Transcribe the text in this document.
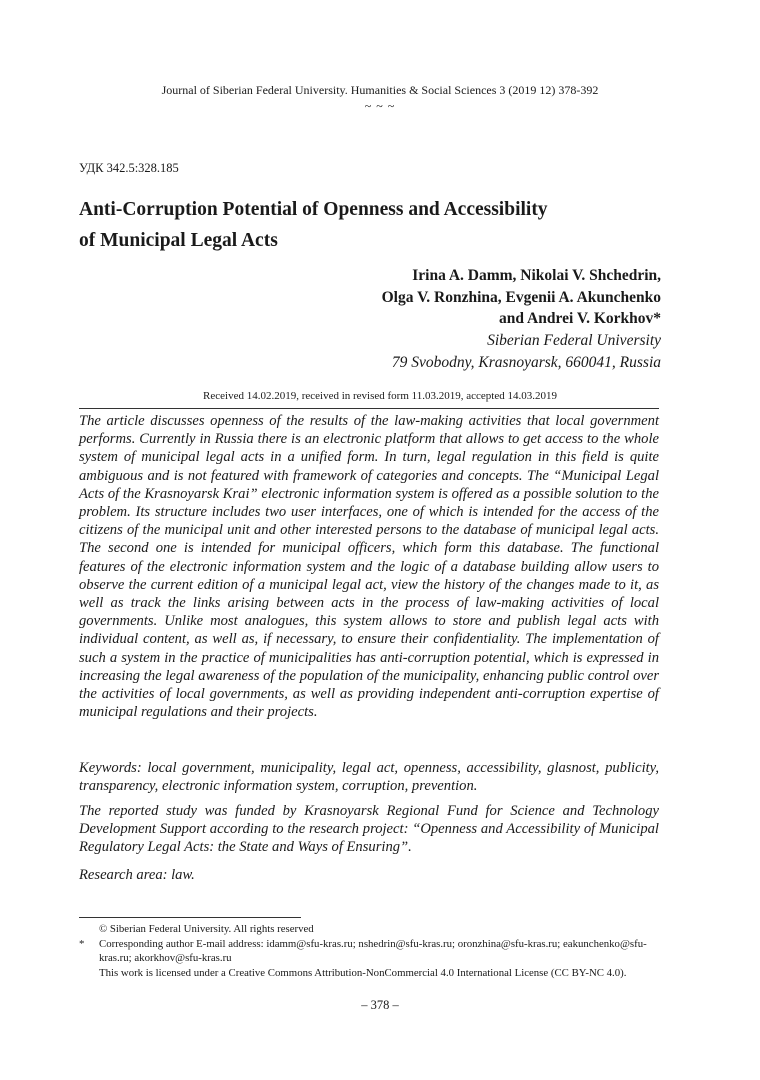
Journal of Siberian Federal University. Humanities & Social Sciences 3 (2019 12) 378-392
~ ~ ~
УДК 342.5:328.185
Anti-Corruption Potential of Openness and Accessibility
of Municipal Legal Acts
Irina A. Damm, Nikolai V. Shchedrin,
Olga V. Ronzhina, Evgenii A. Akunchenko
and Andrei V. Korkhov*
Siberian Federal University
79 Svobodny, Krasnoyarsk, 660041, Russia
Received 14.02.2019, received in revised form 11.03.2019, accepted 14.03.2019

The article discusses openness of the results of the law-making activities that local government performs. Currently in Russia there is an electronic platform that allows to get access to the whole system of municipal legal acts in a unified form. In turn, legal regulation in this field is quite ambiguous and is not featured with framework of categories and concepts. The “Municipal Legal Acts of the Krasnoyarsk Krai” electronic information system is offered as a possible solution to the problem. Its structure includes two user interfaces, one of which is intended for the access of the citizens of the municipal unit and other interested persons to the database of municipal legal acts. The second one is intended for municipal officers, which form this database. The functional features of the electronic information system and the logic of a database building allow users to observe the current edition of a municipal legal act, view the history of the changes made to it, as well as track the links arising between acts in the process of law-making activities of local governments. Unlike most analogues, this system allows to store and publish legal acts with individual content, as well as, if necessary, to ensure their confidentiality. The implementation of such a system in the practice of municipalities has anti-corruption potential, which is expressed in increasing the legal awareness of the population of the municipality, enhancing public control over the activities of local governments, as well as providing independent anti-corruption expertise of municipal regulations and their projects.

Keywords: local government, municipality, legal act, openness, accessibility, glasnost, publicity, transparency, electronic information system, corruption, prevention.

The reported study was funded by Krasnoyarsk Regional Fund for Science and Technology Development Support according to the research project: “Openness and Accessibility of Municipal Regulatory Legal Acts: the State and Ways of Ensuring”.

Research area: law.

© Siberian Federal University. All rights reserved
*	Corresponding author E-mail address: idamm@sfu-kras.ru; nshedrin@sfu-kras.ru; oronzhina@sfu-kras.ru; eakunchenko@sfu-kras.ru; akorkhov@sfu-kras.ru
This work is licensed under a Creative Commons Attribution-NonCommercial 4.0 International License (CC BY-NC 4.0).
– 378 –
